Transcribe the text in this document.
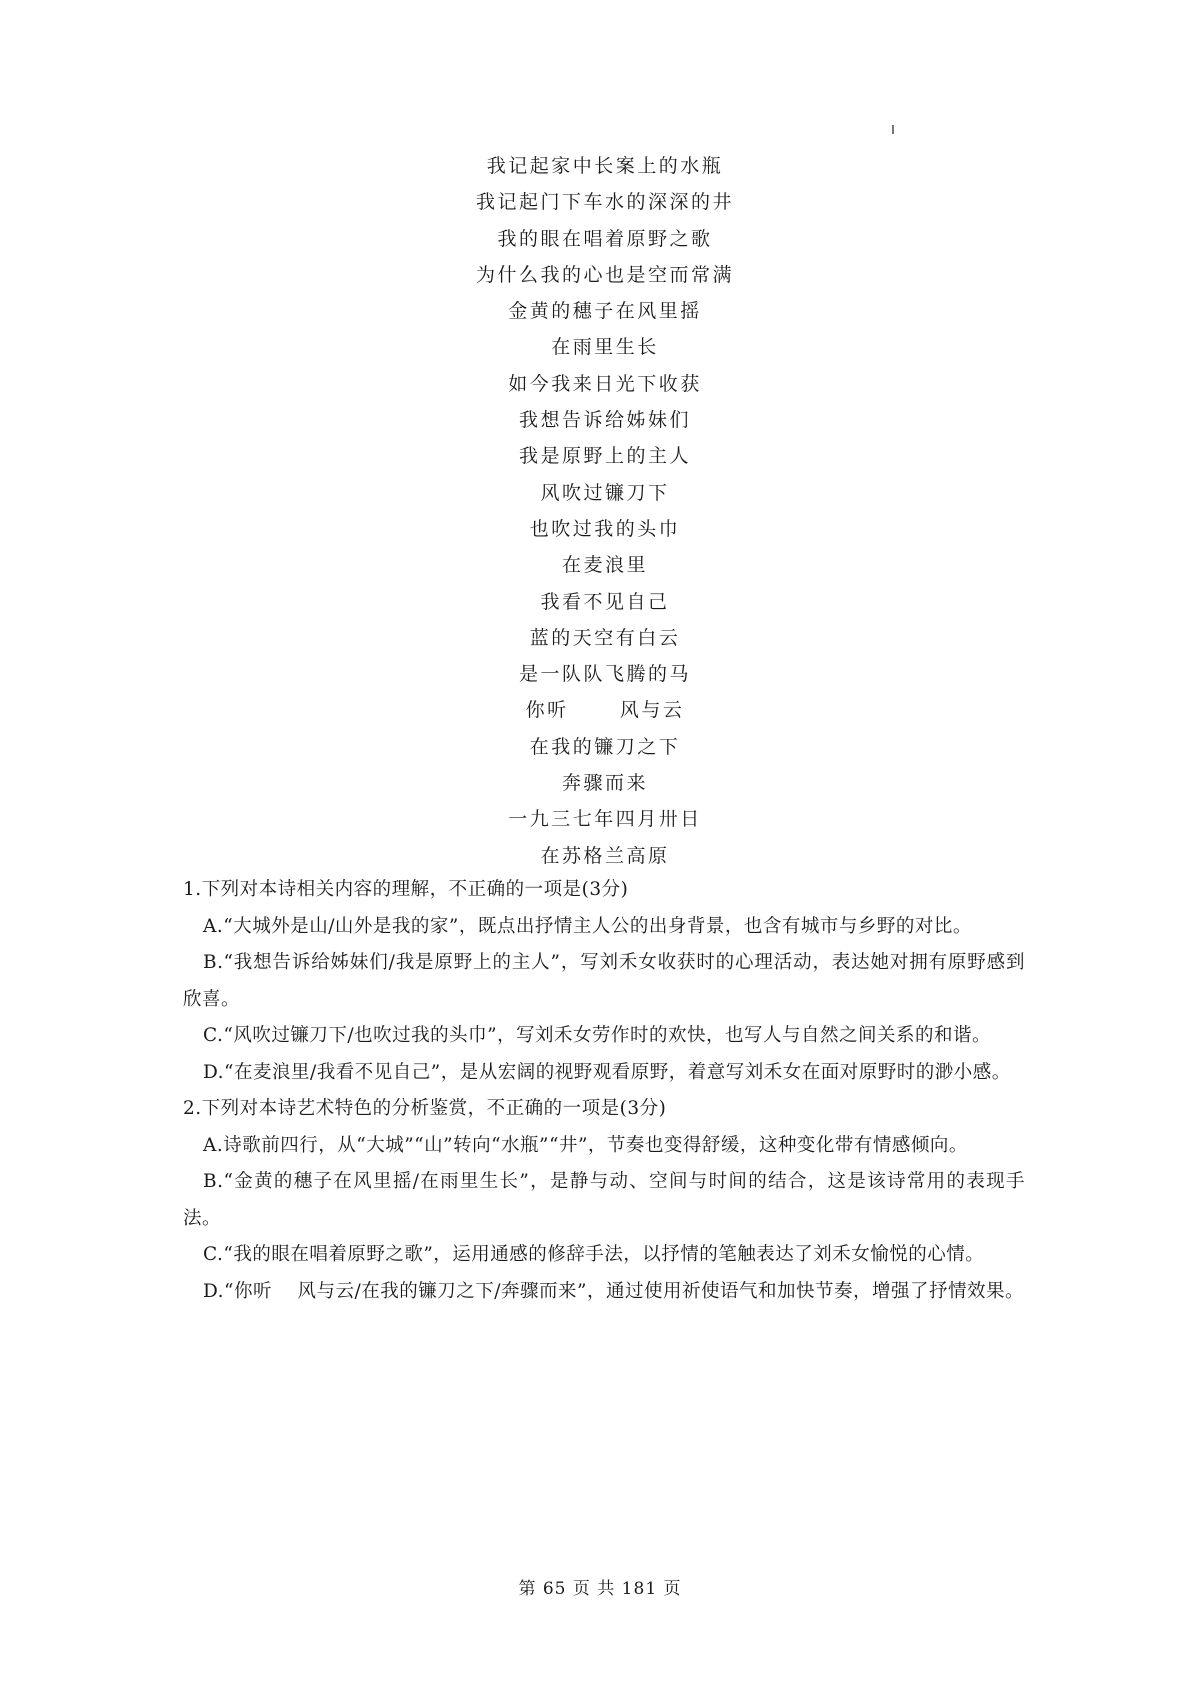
我记起家中长案上的水瓶
我记起门下车水的深深的井
我的眼在唱着原野之歌
为什么我的心也是空而常满
金黄的穗子在风里摇
在雨里生长
如今我来日光下收获
我想告诉给姊妹们
我是原野上的主人
风吹过镰刀下
也吹过我的头巾
在麦浪里
我看不见自己
蓝的天空有白云
是一队队飞腾的马
你听      风与云
在我的镰刀之下
奔骤而来
一九三七年四月卅日
在苏格兰高原
1.下列对本诗相关内容的理解，不正确的一项是(3分)
A.“大城外是山/山外是我的家”，既点出抒情主人公的出身背景，也含有城市与乡野的对比。
B.“我想告诉给姊妹们/我是原野上的主人”，写刘禾女收获时的心理活动，表达她对拥有原野感到欣喜。
C.“风吹过镰刀下/也吹过我的头巾”，写刘禾女劳作时的欢快，也写人与自然之间关系的和谐。
D.“在麦浪里/我看不见自己”，是从宏阔的视野观看原野，着意写刘禾女在面对原野时的渺小感。
2.下列对本诗艺术特色的分析鉴赏，不正确的一项是(3分)
A.诗歌前四行，从“大城”“山”转向“水瓶”“井”，节奏也变得舒缓，这种变化带有情感倾向。
B.“金黄的穗子在风里摇/在雨里生长”，是静与动、空间与时间的结合，这是该诗常用的表现手法。
C.“我的眼在唱着原野之歌”，运用通感的修辞手法，以抒情的笔触表达了刘禾女愉悦的心情。
D.“你听    风与云/在我的镰刀之下/奔骤而来”，通过使用祈使语气和加快节奏，增强了抒情效果。
第 65 页 共 181 页
